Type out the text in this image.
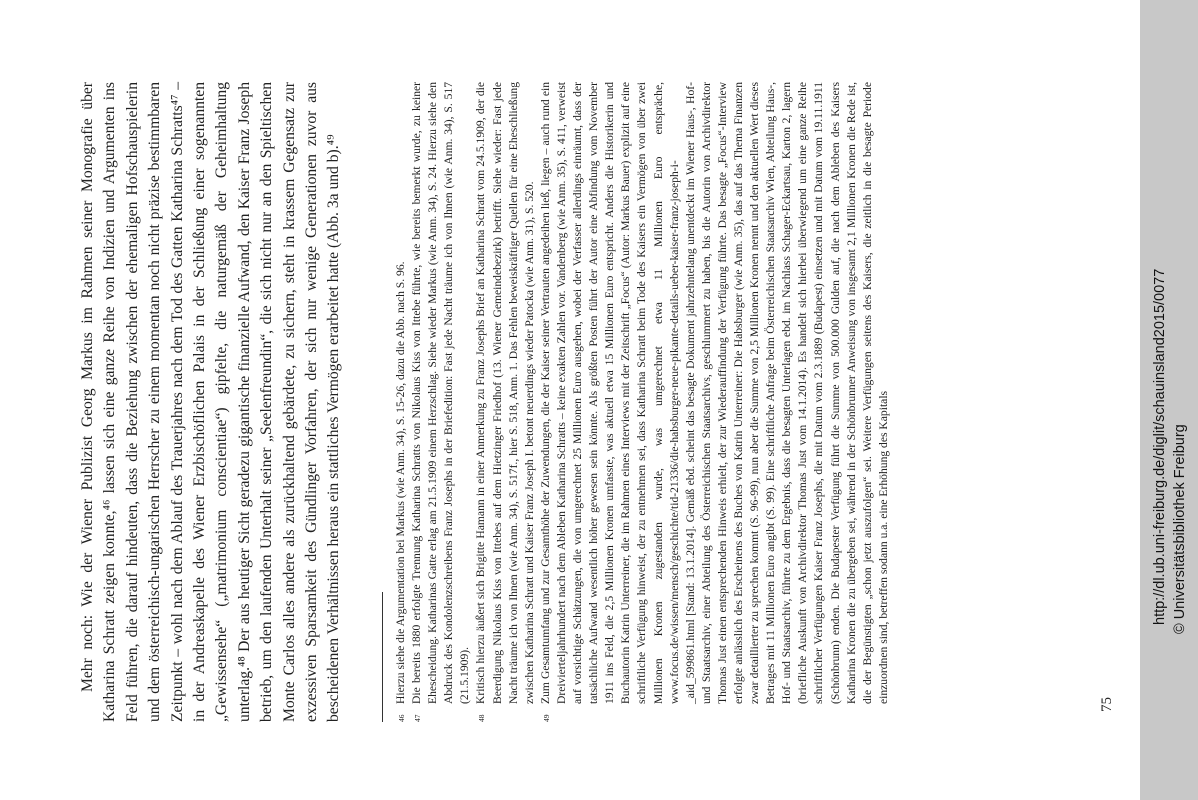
Mehr noch: Wie der Wiener Publizist Georg Markus im Rahmen seiner Monografie über Katharina Schratt zeigen konnte,⁴⁶ lassen sich eine ganze Reihe von Indizien und Argumenten ins Feld führen, die darauf hindeuten, dass die Beziehung zwischen der ehemaligen Hofschauspielerin und dem österreichisch-ungarischen Herrscher zu einem momentan noch nicht präzise bestimmbaren Zeitpunkt – wohl nach dem Ablauf des Trauerjahres nach dem Tod des Gatten Katharina Schratts⁴⁷ – in der Andreaskapelle des Wiener Erzbischöflichen Palais in der Schließung einer sogenannten „Gewissensehe“ („matrimonium conscientiae“) gipfelte, die naturgemäß der Geheimhaltung unterlag.⁴⁸ Der aus heutiger Sicht geradezu gigantische finanzielle Aufwand, den Kaiser Franz Joseph betrieb, um den laufenden Unterhalt seiner „Seelenfreundin“, die sich nicht nur an den Spieltischen Monte Carlos alles andere als zurückhaltend gebärdete, zu sichern, steht in krassem Gegensatz zur exzessiven Sparsamkeit des Gündlinger Vorfahren, der sich nur wenige Generationen zuvor aus bescheidenen Verhältnissen heraus ein stattliches Vermögen erarbeitet hatte (Abb. 3a und b).⁴⁹	46
Hierzu siehe die Argumentation bei Markus (wie Anm. 34), S. 15-26, dazu die Abb. nach S. 96.

47
Die bereits 1880 erfolgte Trennung Katharina Schratts von Nikolaus Kiss von Ittebe führte, wie bereits bemerkt wurde, zu keiner Ehescheidung. Katharinas Gatte erlag am 21.5.1909 einem Herzschlag. Siehe wieder Markus (wie Anm. 34), S. 24. Hierzu siehe den Abdruck des Kondolenzschreibens Franz Josephs in der Briefedition: Fast jede Nacht träume ich von Ihnen (wie Anm. 34), S. 517 (21.5.1909).

48
Kritisch hierzu äußert sich Brigitte Hamann in einer Anmerkung zu Franz Josephs Brief an Katharina Schratt vom 24.5.1909, der die Beerdigung Nikolaus Kiss von Ittebes auf dem Hietzinger Friedhof (13. Wiener Gemeindebezirk) betrifft. Siehe wieder: Fast jede Nacht träume ich von Ihnen (wie Anm. 34), S. 517f., hier S. 518, Anm. 1. Das Fehlen beweiskräftiger Quellen für eine Eheschließung zwischen Katharina Schratt und Kaiser Franz Joseph I. betont neuerdings wieder Patocka (wie Anm. 31), S. 520.

49
Zum Gesamtumfang und zur Gesamthöhe der Zuwendungen, die der Kaiser seiner Vertrauten angedeihen ließ, liegen – auch rund ein Dreivierteljahrhundert nach dem Ableben Katharina Schratts – keine exakten Zahlen vor. Vandenberg (wie Anm. 35), S. 411, verweist auf vorsichtige Schätzungen, die von umgerechnet 25 Millionen Euro ausgehen, wobei der Verfasser allerdings einräumt, dass der tatsächliche Aufwand wesentlich höher gewesen sein könnte. Als größten Posten führt der Autor eine Abfindung vom November 1911 ins Feld, die 2,5 Millionen Kronen umfasste, was aktuell etwa 15 Millionen Euro entspricht. Anders die Historikerin und Buchautorin Katrin Unterreiner, die im Rahmen eines Interviews mit der Zeitschrift „Focus“ (Autor: Markus Bauer) explizit auf eine schriftliche Verfügung hinweist, der zu entnehmen sei, dass Katharina Schratt beim Tode des Kaisers ein Vermögen von über zwei Millionen Kronen zugestanden wurde, was umgerechnet etwa 11 Millionen Euro entspräche, www.focus.de/wissen/mensch/geschichte/tid-21336/die-habsburger-neue-pikante-details-ueber-kaiser-franz-joseph-i-_aid_599861.html [Stand: 13.1.2014]. Gemäß ebd. scheint das besagte Dokument jahrzehntelang unentdeckt im Wiener Haus-, Hof- und Staatsarchiv, einer Abteilung des Österreichischen Staatsarchivs, geschlummert zu haben, bis die Autorin von Archivdirektor Thomas Just einen entsprechenden Hinweis erhielt, der zur Wiederauffindung der Verfügung führte. Das besagte „Focus“-Interview erfolgte anlässlich des Erscheinens des Buches von Katrin Unterreiner: Die Habsburger (wie Anm. 35), das auf das Thema Finanzen zwar detaillierter zu sprechen kommt (S. 96-99), nun aber die Summe von 2,5 Millionen Kronen nennt und den aktuellen Wert dieses Betrages mit 11 Millionen Euro angibt (S. 99). Eine schriftliche Anfrage beim Österreichischen Staatsarchiv Wien, Abteilung Haus-, Hof- und Staatsarchiv, führte zu dem Ergebnis, dass die besagten Unterlagen ebd. im Nachlass Schager-Eckartsau, Karton 2, lagern (briefliche Auskunft von Archivdirektor Thomas Just vom 14.1.2014). Es handelt sich hierbei überwiegend um eine ganze Reihe schriftlicher Verfügungen Kaiser Franz Josephs, die mit Datum vom 2.3.1889 (Budapest) einsetzen und mit Datum vom 19.11.1911 (Schönbrunn) enden. Die Budapester Verfügung führt die Summe von 500.000 Gulden auf, die nach dem Ableben des Kaisers Katharina Kronen die zu übergeben sei, während in der Schönbrunner Anweisung von insgesamt 2,1 Millionen Kronen die Rede ist, die der Begünstigten „schon jetzt auszufolgen“ sei. Weitere Verfügungen seitens des Kaisers, die zeitlich in die besagte Periode einzuordnen sind, betreffen sodann u.a. eine Erhöhung des Kapitals

75
http://dl.ub.uni-freiburg.de/diglit/schauinsland2015/0077 © Universitätsbibliothek Freiburg
